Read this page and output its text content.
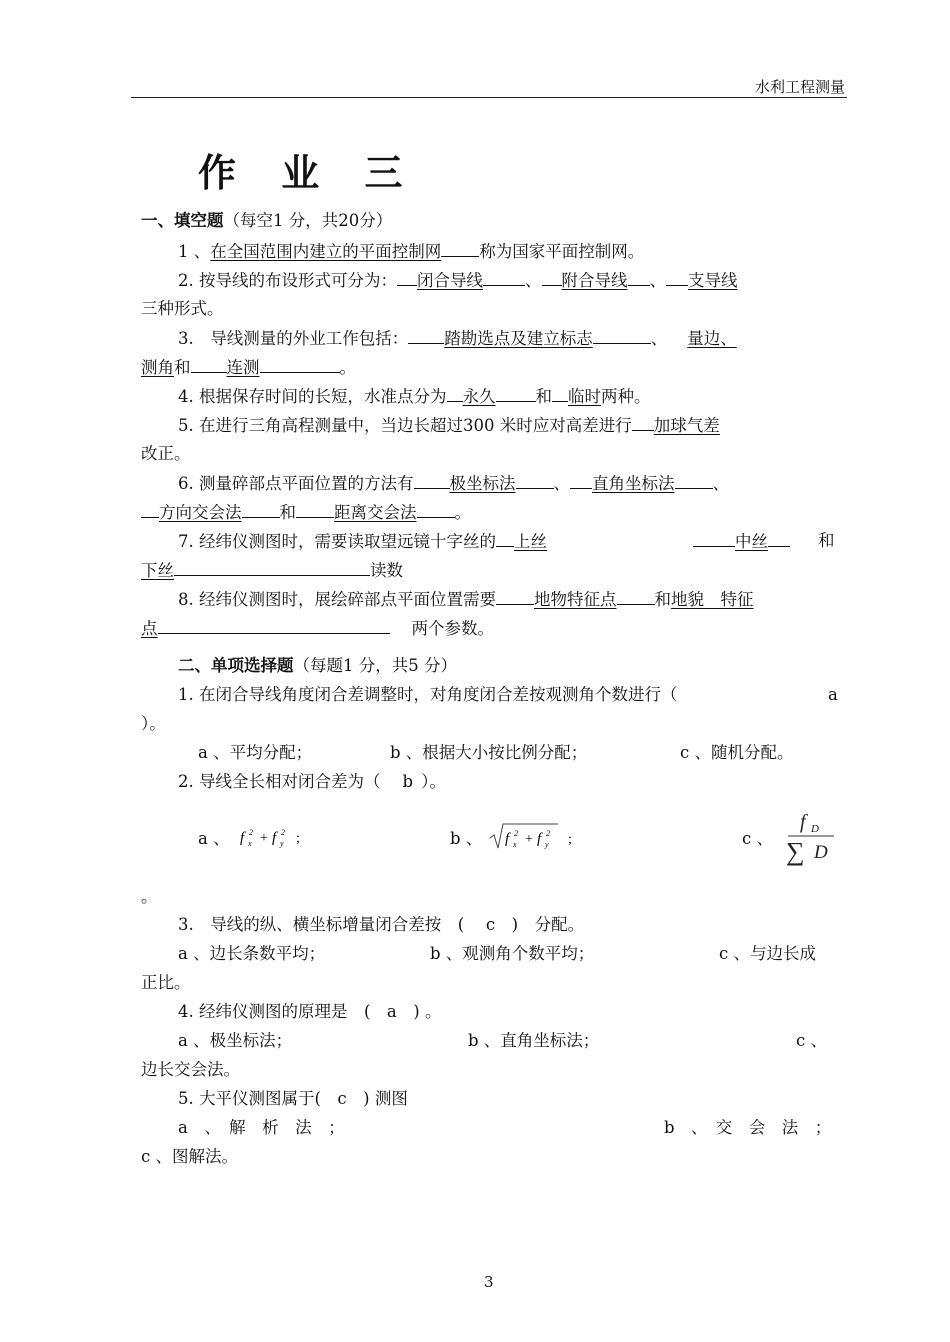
水利工程测量
作 业 三
一、填空题（每空1 分，共20分）
1 、在全国范围内建立的平面控制网 称为国家平面控制网。
2. 按导线的布设形式可分为： 闭合导线	、 附合导线 、 支导线
三种形式。
3.　导线测量的外业工作包括： 踏勘选点及建立标志	、 量边、
测角和 连测	。
4. 根据保存时间的长短，水准点分为 永久 和 临时两种。
5. 在进行三角高程测量中，当边长超过300 米时应对高差进行 加球气差
改正。
6. 测量碎部点平面位置的方法有 极坐标法 、 直角坐标法 、
方向交会法 和 距离交会法 。
7. 经纬仪测图时，需要读取望远镜十字丝的 上丝	中丝	和
下丝	读数
8. 经纬仪测图时，展绘碎部点平面位置需要 地物特征点 和地貌　特征
点	两个参数。
二、单项选择题（每题1 分，共5 分）
1. 在闭合导线角度闭合差调整时，对角度闭合差按观测角个数进行（	a
）。
a 、平均分配；	b 、根据大小按比例分配；	c 、随机分配。
2. 导线全长相对闭合差为（ b ）。
a 、 f x
2 + f y
2 ;	b 、 f x
2 + f y
2 ;	c 、
f D
∑ D
。
3.　导线的纵、横坐标增量闭合差按　(　 c　)　分配。
a 、边长条数平均；	b 、观测角个数平均；	c 、与边长成
正比。
4. 经纬仪测图的原理是　(　a　) 。
a 、极坐标法；	b 、直角坐标法；	c 、
边长交会法。
5. 大平仪测图属于(　c　) 测图
a　、　解　析　法　；	b　、　交　会　法　；
c 、图解法。
3
